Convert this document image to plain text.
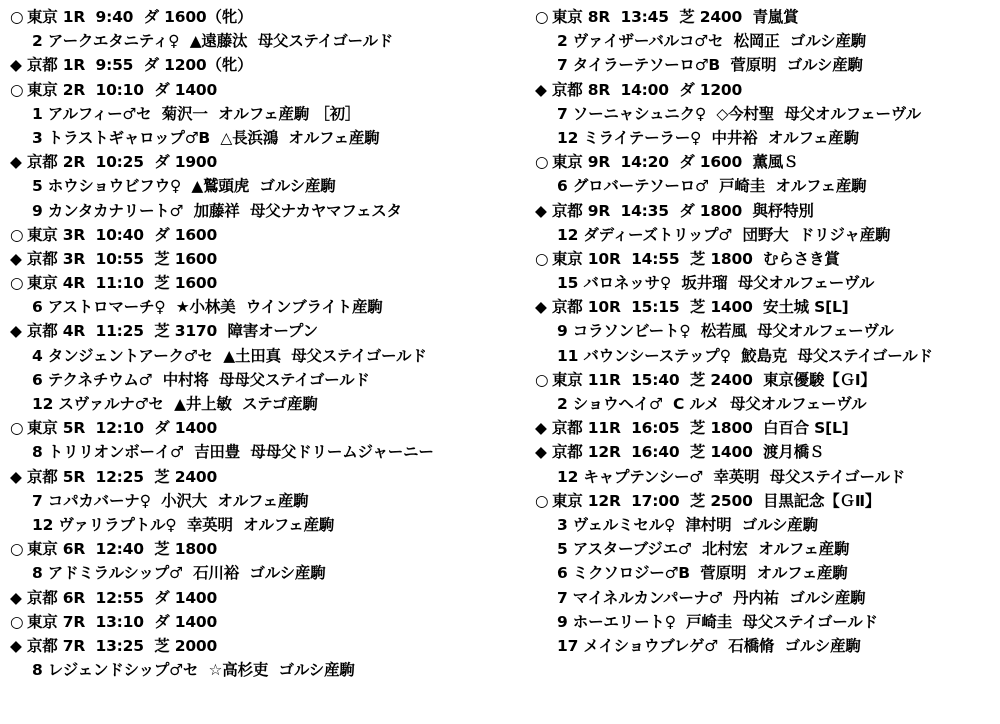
○ 東京 1R  9:40  ダ 1600（牝）
2 アークエタニティ♀  ▲遠藤汰  母父ステイゴールド
◆ 京都 1R  9:55  ダ 1200（牝）
○ 東京 2R  10:10  ダ 1400
1 アルフィー♂セ  菊沢一  オルフェ産駒 ［初］
3 トラストギャロップ♂B  △長浜鴻  オルフェ産駒
◆ 京都 2R  10:25  ダ 1900
5 ホウショウビフウ♀  ▲鷲頭虎  ゴルシ産駒
9 カンタカナリート♂  加藤祥  母父ナカヤマフェスタ
○ 東京 3R  10:40  ダ 1600
◆ 京都 3R  10:55  芝 1600
○ 東京 4R  11:10  芝 1600
6 アストロマーチ♀  ★小林美  ウインブライト産駒
◆ 京都 4R  11:25  芝 3170  障害オープン
4 タンジェントアーク♂セ  ▲土田真  母父ステイゴールド
6 テクネチウム♂  中村将  母母父ステイゴールド
12 スヴァルナ♂セ  ▲井上敏  ステゴ産駒
○ 東京 5R  12:10  ダ 1400
8 トリリオンボーイ♂  吉田豊  母母父ドリームジャーニー
◆ 京都 5R  12:25  芝 2400
7 コパカバーナ♀  小沢大  オルフェ産駒
12 ヴァリラプトル♀  幸英明  オルフェ産駒
○ 東京 6R  12:40  芝 1800
8 アドミラルシップ♂  石川裕  ゴルシ産駒
◆ 京都 6R  12:55  ダ 1400
○ 東京 7R  13:10  ダ 1400
◆ 京都 7R  13:25  芝 2000
8 レジェンドシップ♂セ  ☆高杉吏  ゴルシ産駒
○ 東京 8R  13:45  芝 2400  青嵐賞
2 ヴァイザーバルコ♂セ  松岡正  ゴルシ産駒
7 タイラーテソーロ♂B  菅原明  ゴルシ産駒
◆ 京都 8R  14:00  ダ 1200
7 ソーニャシュニク♀  ◇今村聖  母父オルフェーヴル
12 ミライテーラー♀  中井裕  オルフェ産駒
○ 東京 9R  14:20  ダ 1600  薫風Ｓ
6 グロバーテソーロ♂  戸崎圭  オルフェ産駒
◆ 京都 9R  14:35  ダ 1800  與杼特別
12 ダディーズトリップ♂  団野大  ドリジャ産駒
○ 東京 10R  14:55  芝 1800  むらさき賞
15 バロネッサ♀  坂井瑠  母父オルフェーヴル
◆ 京都 10R  15:15  芝 1400  安土城 S[L]
9 コラソンビート♀  松若風  母父オルフェーヴル
11 バウンシーステップ♀  鮫島克  母父ステイゴールド
○ 東京 11R  15:40  芝 2400  東京優駿【ＧⅠ】
2 ショウヘイ♂  C ルメ  母父オルフェーヴル
◆ 京都 11R  16:05  芝 1800  白百合 S[L]
◆ 京都 12R  16:40  芝 1400  渡月橋Ｓ
12 キャプテンシー♂  幸英明  母父ステイゴールド
○ 東京 12R  17:00  芝 2500  目黒記念【ＧⅡ】
3 ヴェルミセル♀  津村明  ゴルシ産駒
5 アスターブジエ♂  北村宏  オルフェ産駒
6 ミクソロジー♂B  菅原明  オルフェ産駒
7 マイネルカンパーナ♂  丹内祐  ゴルシ産駒
9 ホーエリート♀  戸崎圭  母父ステイゴールド
17 メイショウブレゲ♂  石橋脩  ゴルシ産駒
